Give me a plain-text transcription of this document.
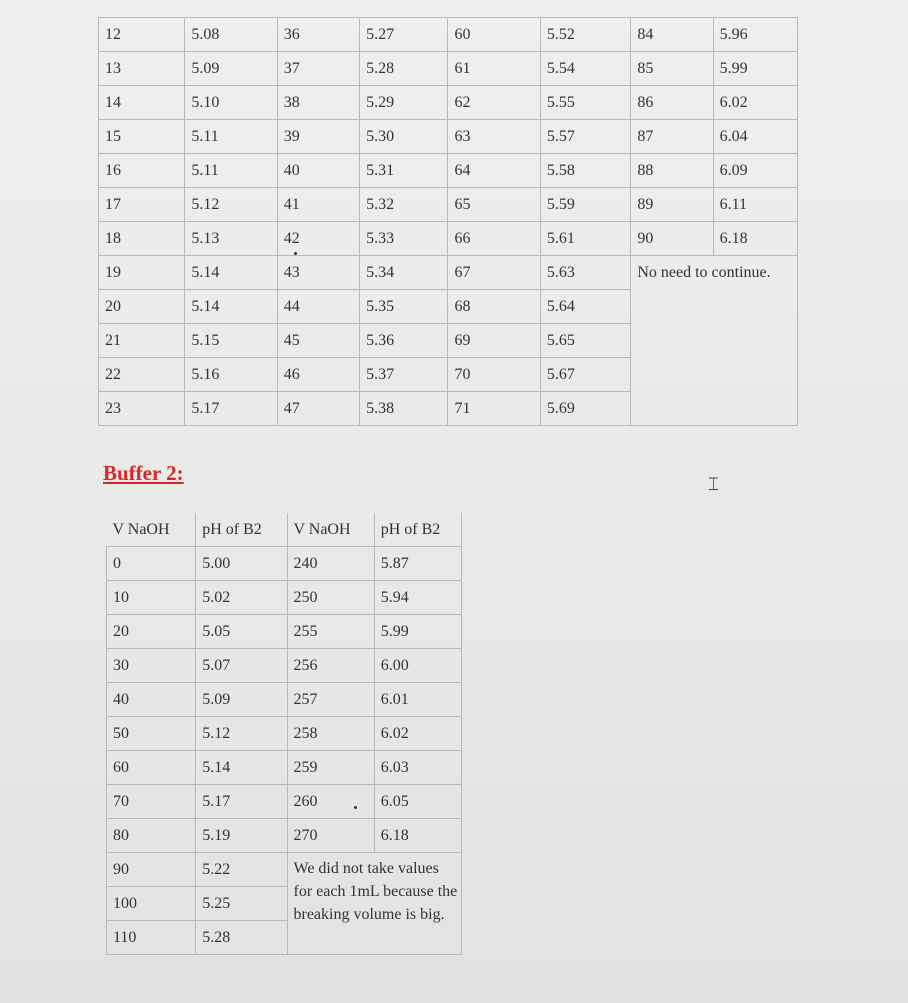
12	5.08	36	5.27	60	5.52	84	5.96
13	5.09	37	5.28	61	5.54	85	5.99
14	5.10	38	5.29	62	5.55	86	6.02
15	5.11	39	5.30	63	5.57	87	6.04
16	5.11	40	5.31	64	5.58	88	6.09
17	5.12	41	5.32	65	5.59	89	6.11
18	5.13	42	5.33	66	5.61	90	6.18
19	5.14	43	5.34	67	5.63	No need to continue.	
20	5.14	44	5.35	68	5.64		
21	5.15	45	5.36	69	5.65		
22	5.16	46	5.37	70	5.67		
23	5.17	47	5.38	71	5.69		
Buffer 2:	⌶
V NaOH	pH of B2	V NaOH	pH of B2
0	5.00	240	5.87
10	5.02	250	5.94
20	5.05	255	5.99
30	5.07	256	6.00
40	5.09	257	6.01
50	5.12	258	6.02
60	5.14	259	6.03
70	5.17	260	6.05
80	5.19	270	6.18
90	5.22	We did not take values for each 1mL because the breaking volume is big.	
100	5.25		
110	5.28		
